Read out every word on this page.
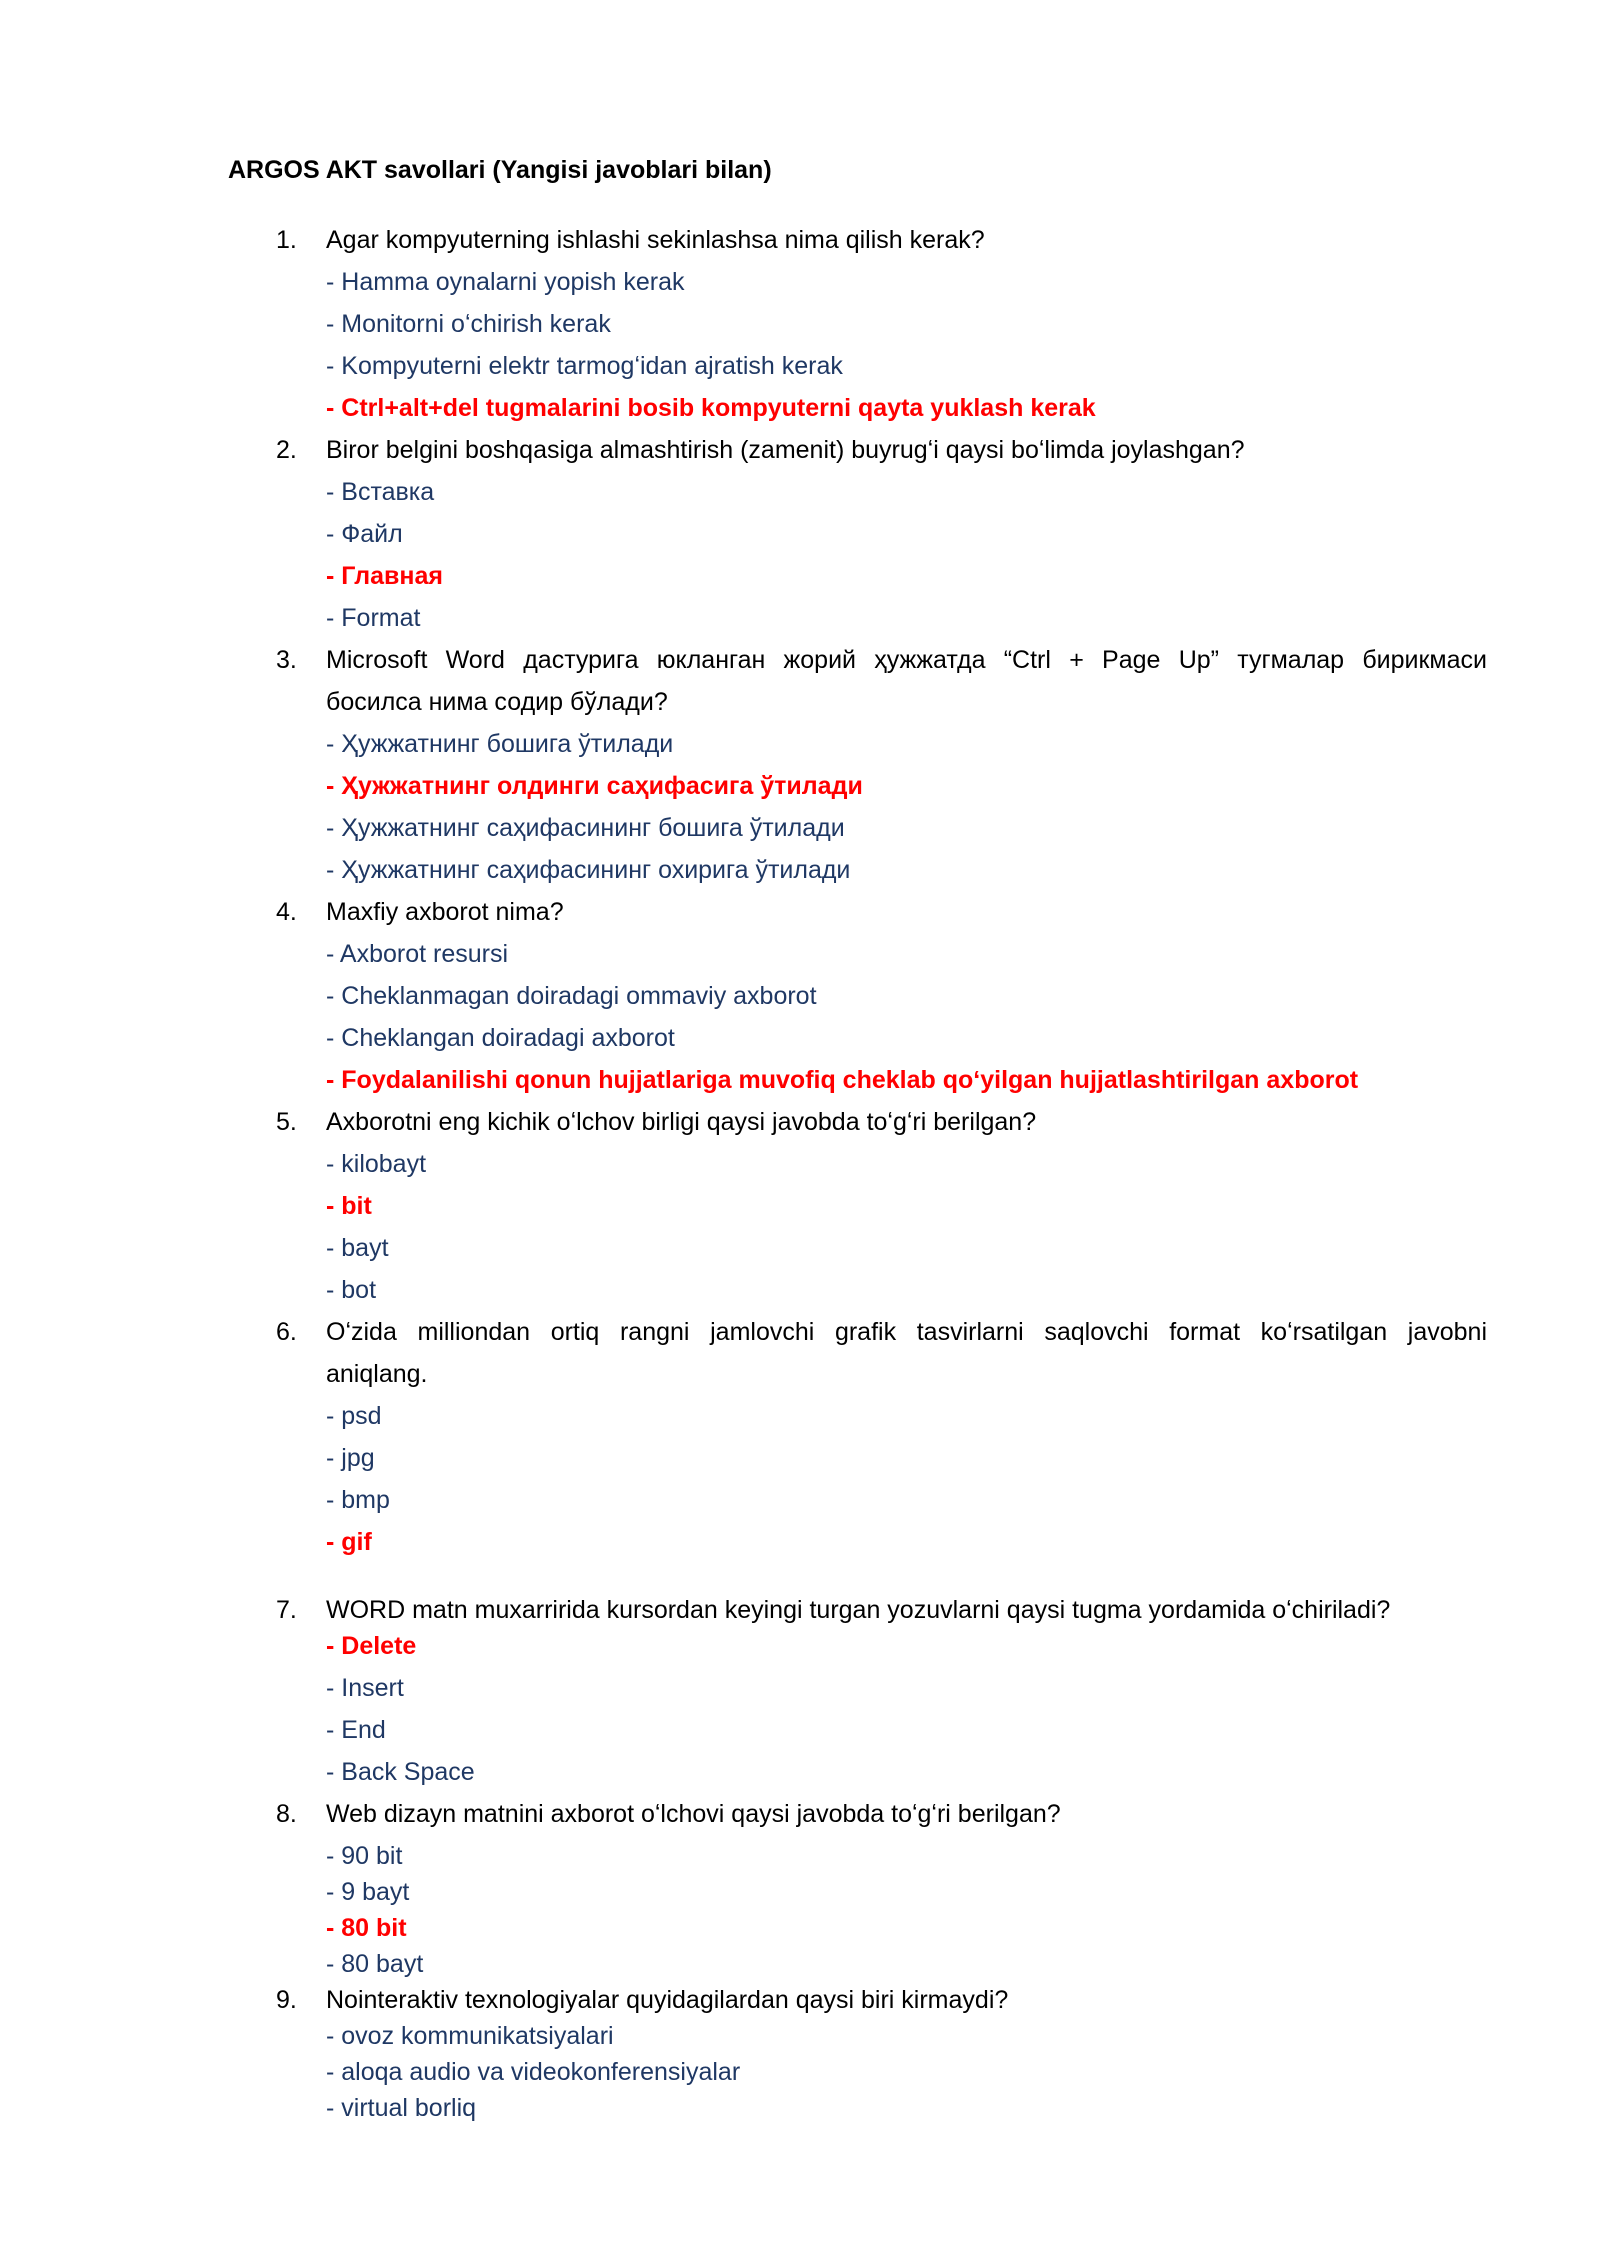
ARGOS AKT savollari (Yangisi javoblari bilan)
1. Agar kompyuterning ishlashi sekinlashsa nima qilish kerak?
- Hamma oynalarni yopish kerak
- Monitorni oʻchirish kerak
- Kompyuterni elektr tarmogʻidan ajratish kerak
- Ctrl+alt+del tugmalarini bosib kompyuterni qayta yuklash kerak
2. Biror belgini boshqasiga almashtirish (zamenit) buyrugʻi qaysi boʻlimda joylashgan?
- Вставка
- Файл
- Главная
- Format
3. Microsoft Word дастурига юкланган жорий ҳужжатда “Ctrl + Page Up” тугмалар бирикмаси
босилса нима содир бўлади?
- Ҳужжатнинг бошига ўтилади
- Ҳужжатнинг олдинги саҳифасига ўтилади
- Ҳужжатнинг саҳифасининг бошига ўтилади
- Ҳужжатнинг саҳифасининг охирига ўтилади
4. Maxfiy axborot nima?
- Axborot resursi
- Cheklanmagan doiradagi ommaviy axborot
- Cheklangan doiradagi axborot
- Foydalanilishi qonun hujjatlariga muvofiq cheklab qoʻyilgan hujjatlashtirilgan axborot
5. Axborotni eng kichik oʻlchov birligi qaysi javobda toʻgʻri berilgan?
- kilobayt
- bit
- bayt
- bot
6. Oʻzida milliondan ortiq rangni jamlovchi grafik tasvirlarni saqlovchi format koʻrsatilgan javobni
aniqlang.
- psd
- jpg
- bmp
- gif
7. WORD matn muxarririda kursordan keyingi turgan yozuvlarni qaysi tugma yordamida oʻchiriladi?
- Delete
- Insert
- End
- Back Space
8. Web dizayn matnini axborot oʻlchovi qaysi javobda toʻgʻri berilgan?
- 90 bit
- 9 bayt
- 80 bit
- 80 bayt
9. Nointeraktiv texnologiyalar quyidagilardan qaysi biri kirmaydi?
- ovoz kommunikatsiyalari
- aloqa audio va videokonferensiyalar
- virtual borliq
